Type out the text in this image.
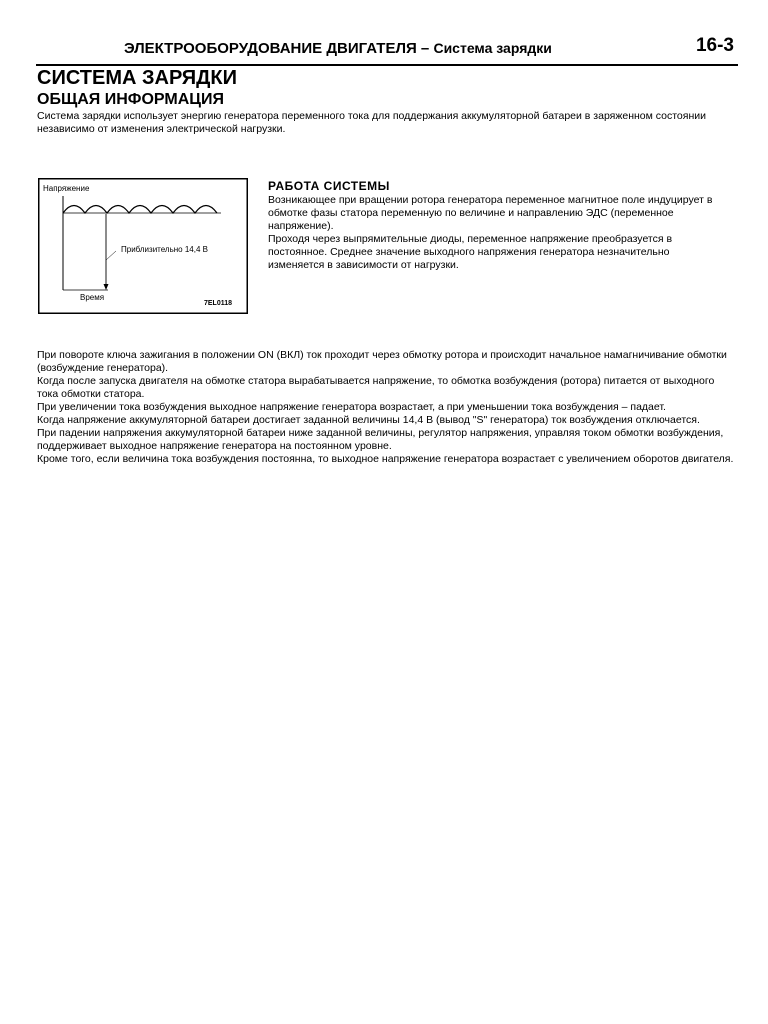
ЭЛЕКТРООБОРУДОВАНИЕ ДВИГАТЕЛЯ – Система зарядки	16-3
СИСТЕМА ЗАРЯДКИ
ОБЩАЯ ИНФОРМАЦИЯ

Система зарядки использует энергию генератора переменного тока для поддержания аккумуляторной батареи в заряженном состоянии независимо от изменения электрической нагрузки.

Напряжение
Приблизительно 14,4 В
Время
7EL0118
РАБОТА СИСТЕМЫ

Возникающее при вращении ротора генератора переменное магнитное поле индуцирует в обмотке фазы статора переменную по величине и направлению ЭДС (переменное напряжение).
Проходя через выпрямительные диоды, переменное напряжение преобразуется в постоянное. Среднее значение выходного напряжения генератора незначительно изменяется в зависимости от нагрузки.

При повороте ключа зажигания в положении ON (ВКЛ) ток проходит через обмотку ротора и происходит начальное намагничивание обмотки (возбуждение генератора).

Когда после запуска двигателя на обмотке статора вырабатывается напряжение, то обмотка возбуждения (ротора) питается от выходного тока обмотки статора.

При увеличении тока возбуждения выходное напряжение генератора возрастает, а при уменьшении тока возбуждения – падает.

Когда напряжение аккумуляторной батареи достигает заданной величины 14,4 В (вывод "S" генератора) ток возбуждения отключается.

При падении напряжения аккумуляторной батареи ниже заданной величины, регулятор напряжения, управляя током обмотки возбуждения, поддерживает выходное напряжение генератора на постоянном уровне.

Кроме того, если величина тока возбуждения постоянна, то выходное напряжение генератора возрастает с увеличением оборотов двигателя.
